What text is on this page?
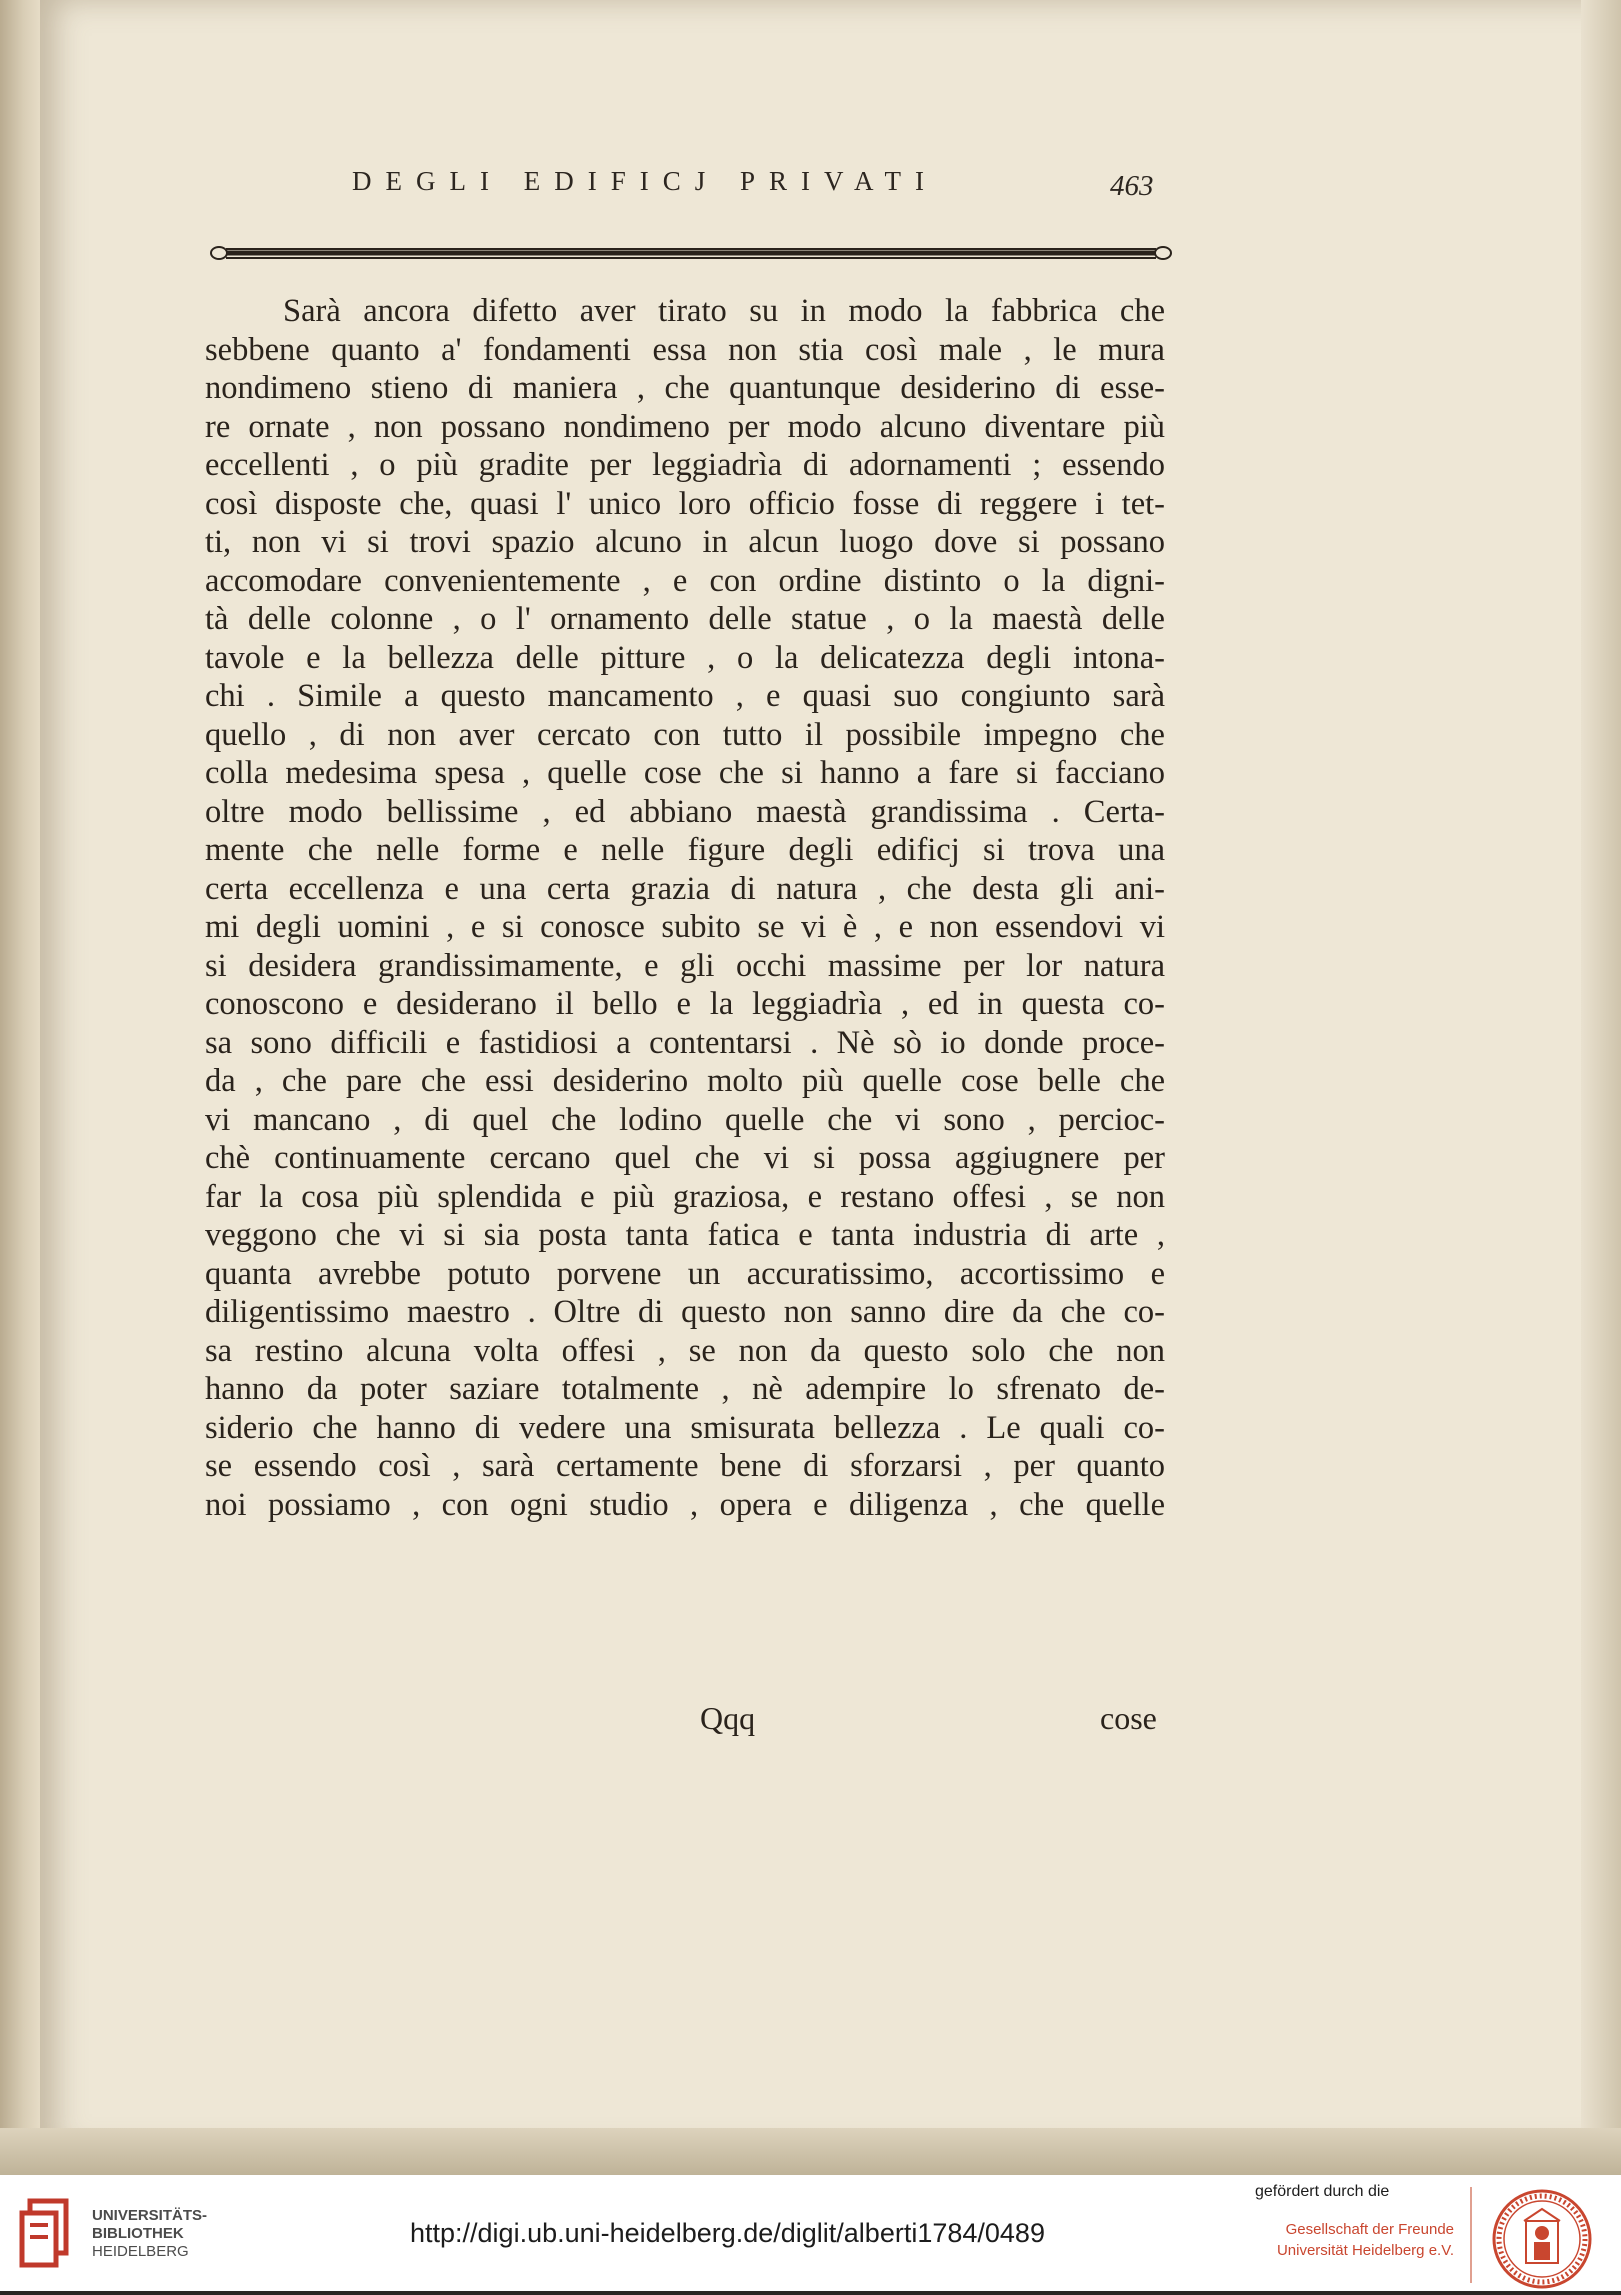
DEGLI EDIFICJ PRIVATI	463
Sarà ancora difetto aver tirato su in modo la fabbrica che
sebbene quanto a' fondamenti essa non stia così male , le mura
nondimeno stieno di maniera , che quantunque desiderino di esse-
re ornate , non possano nondimeno per modo alcuno diventare più
eccellenti , o più gradite per leggiadrìa di adornamenti ; essendo
così disposte che, quasi l' unico loro officio fosse di reggere i tet-
ti, non vi si trovi spazio alcuno in alcun luogo dove si possano
accomodare convenientemente , e con ordine distinto o la digni-
tà delle colonne , o l' ornamento delle statue , o la maestà delle
tavole e la bellezza delle pitture , o la delicatezza degli intona-
chi . Simile a questo mancamento , e quasi suo congiunto sarà
quello , di non aver cercato con tutto il possibile impegno che
colla medesima spesa , quelle cose che si hanno a fare si facciano
oltre modo bellissime , ed abbiano maestà grandissima . Certa-
mente che nelle forme e nelle figure degli edificj si trova una
certa eccellenza e una certa grazia di natura , che desta gli ani-
mi degli uomini , e si conosce subito se vi è , e non essendovi vi
si desidera grandissimamente, e gli occhi massime per lor natura
conoscono e desiderano il bello e la leggiadrìa , ed in questa co-
sa sono difficili e fastidiosi a contentarsi . Nè sò io donde proce-
da , che pare che essi desiderino molto più quelle cose belle che
vi mancano , di quel che lodino quelle che vi sono , percioc-
chè continuamente cercano quel che vi si possa aggiugnere per
far la cosa più splendida e più graziosa, e restano offesi , se non
veggono che vi si sia posta tanta fatica e tanta industria di arte ,
quanta avrebbe potuto porvene un accuratissimo, accortissimo e
diligentissimo maestro . Oltre di questo non sanno dire da che co-
sa restino alcuna volta offesi , se non da questo solo che non
hanno da poter saziare totalmente , nè adempire lo sfrenato de-
siderio che hanno di vedere una smisurata bellezza . Le quali co-
se essendo così , sarà certamente bene di sforzarsi , per quanto
noi possiamo , con ogni studio , opera e diligenza , che quelle
Qqq	cose
UNIVERSITÄTS-
BIBLIOTHEK
HEIDELBERG
http://digi.ub.uni-heidelberg.de/diglit/alberti1784/0489
gefördert durch die
Gesellschaft der Freunde
Universität Heidelberg e.V.
